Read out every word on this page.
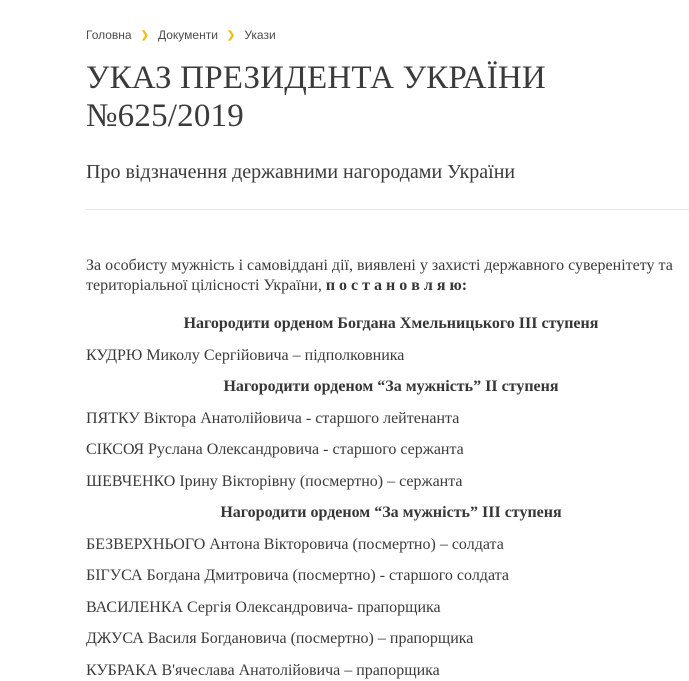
Головна ❯ Документи ❯ Укази
УКАЗ ПРЕЗИДЕНТА УКРАЇНИ №625/2019
Про відзначення державними нагородами України

За особисту мужність і самовіддані дії, виявлені у захисті державного суверенітету та територіальної цілісності України, п о с т а н о в л я ю:

Нагородити орденом Богдана Хмельницького III ступеня

КУДРЮ Миколу Сергійовича – підполковника

Нагородити орденом “За мужність” II ступеня

ПЯТКУ Віктора Анатолійовича - старшого лейтенанта

СІКСОЯ Руслана Олександровича - старшого сержанта

ШЕВЧЕНКО Ірину Вікторівну (посмертно) – сержанта

Нагородити орденом “За мужність” III ступеня

БЕЗВЕРХНЬОГО Антона Вікторовича (посмертно) – солдата

БІГУСА Богдана Дмитровича (посмертно) - старшого солдата

ВАСИЛЕНКА Сергія Олександровича- прапорщика

ДЖУСА Василя Богдановича (посмертно) – прапорщика

КУБРАКА В'ячеслава Анатолійовича – прапорщика
